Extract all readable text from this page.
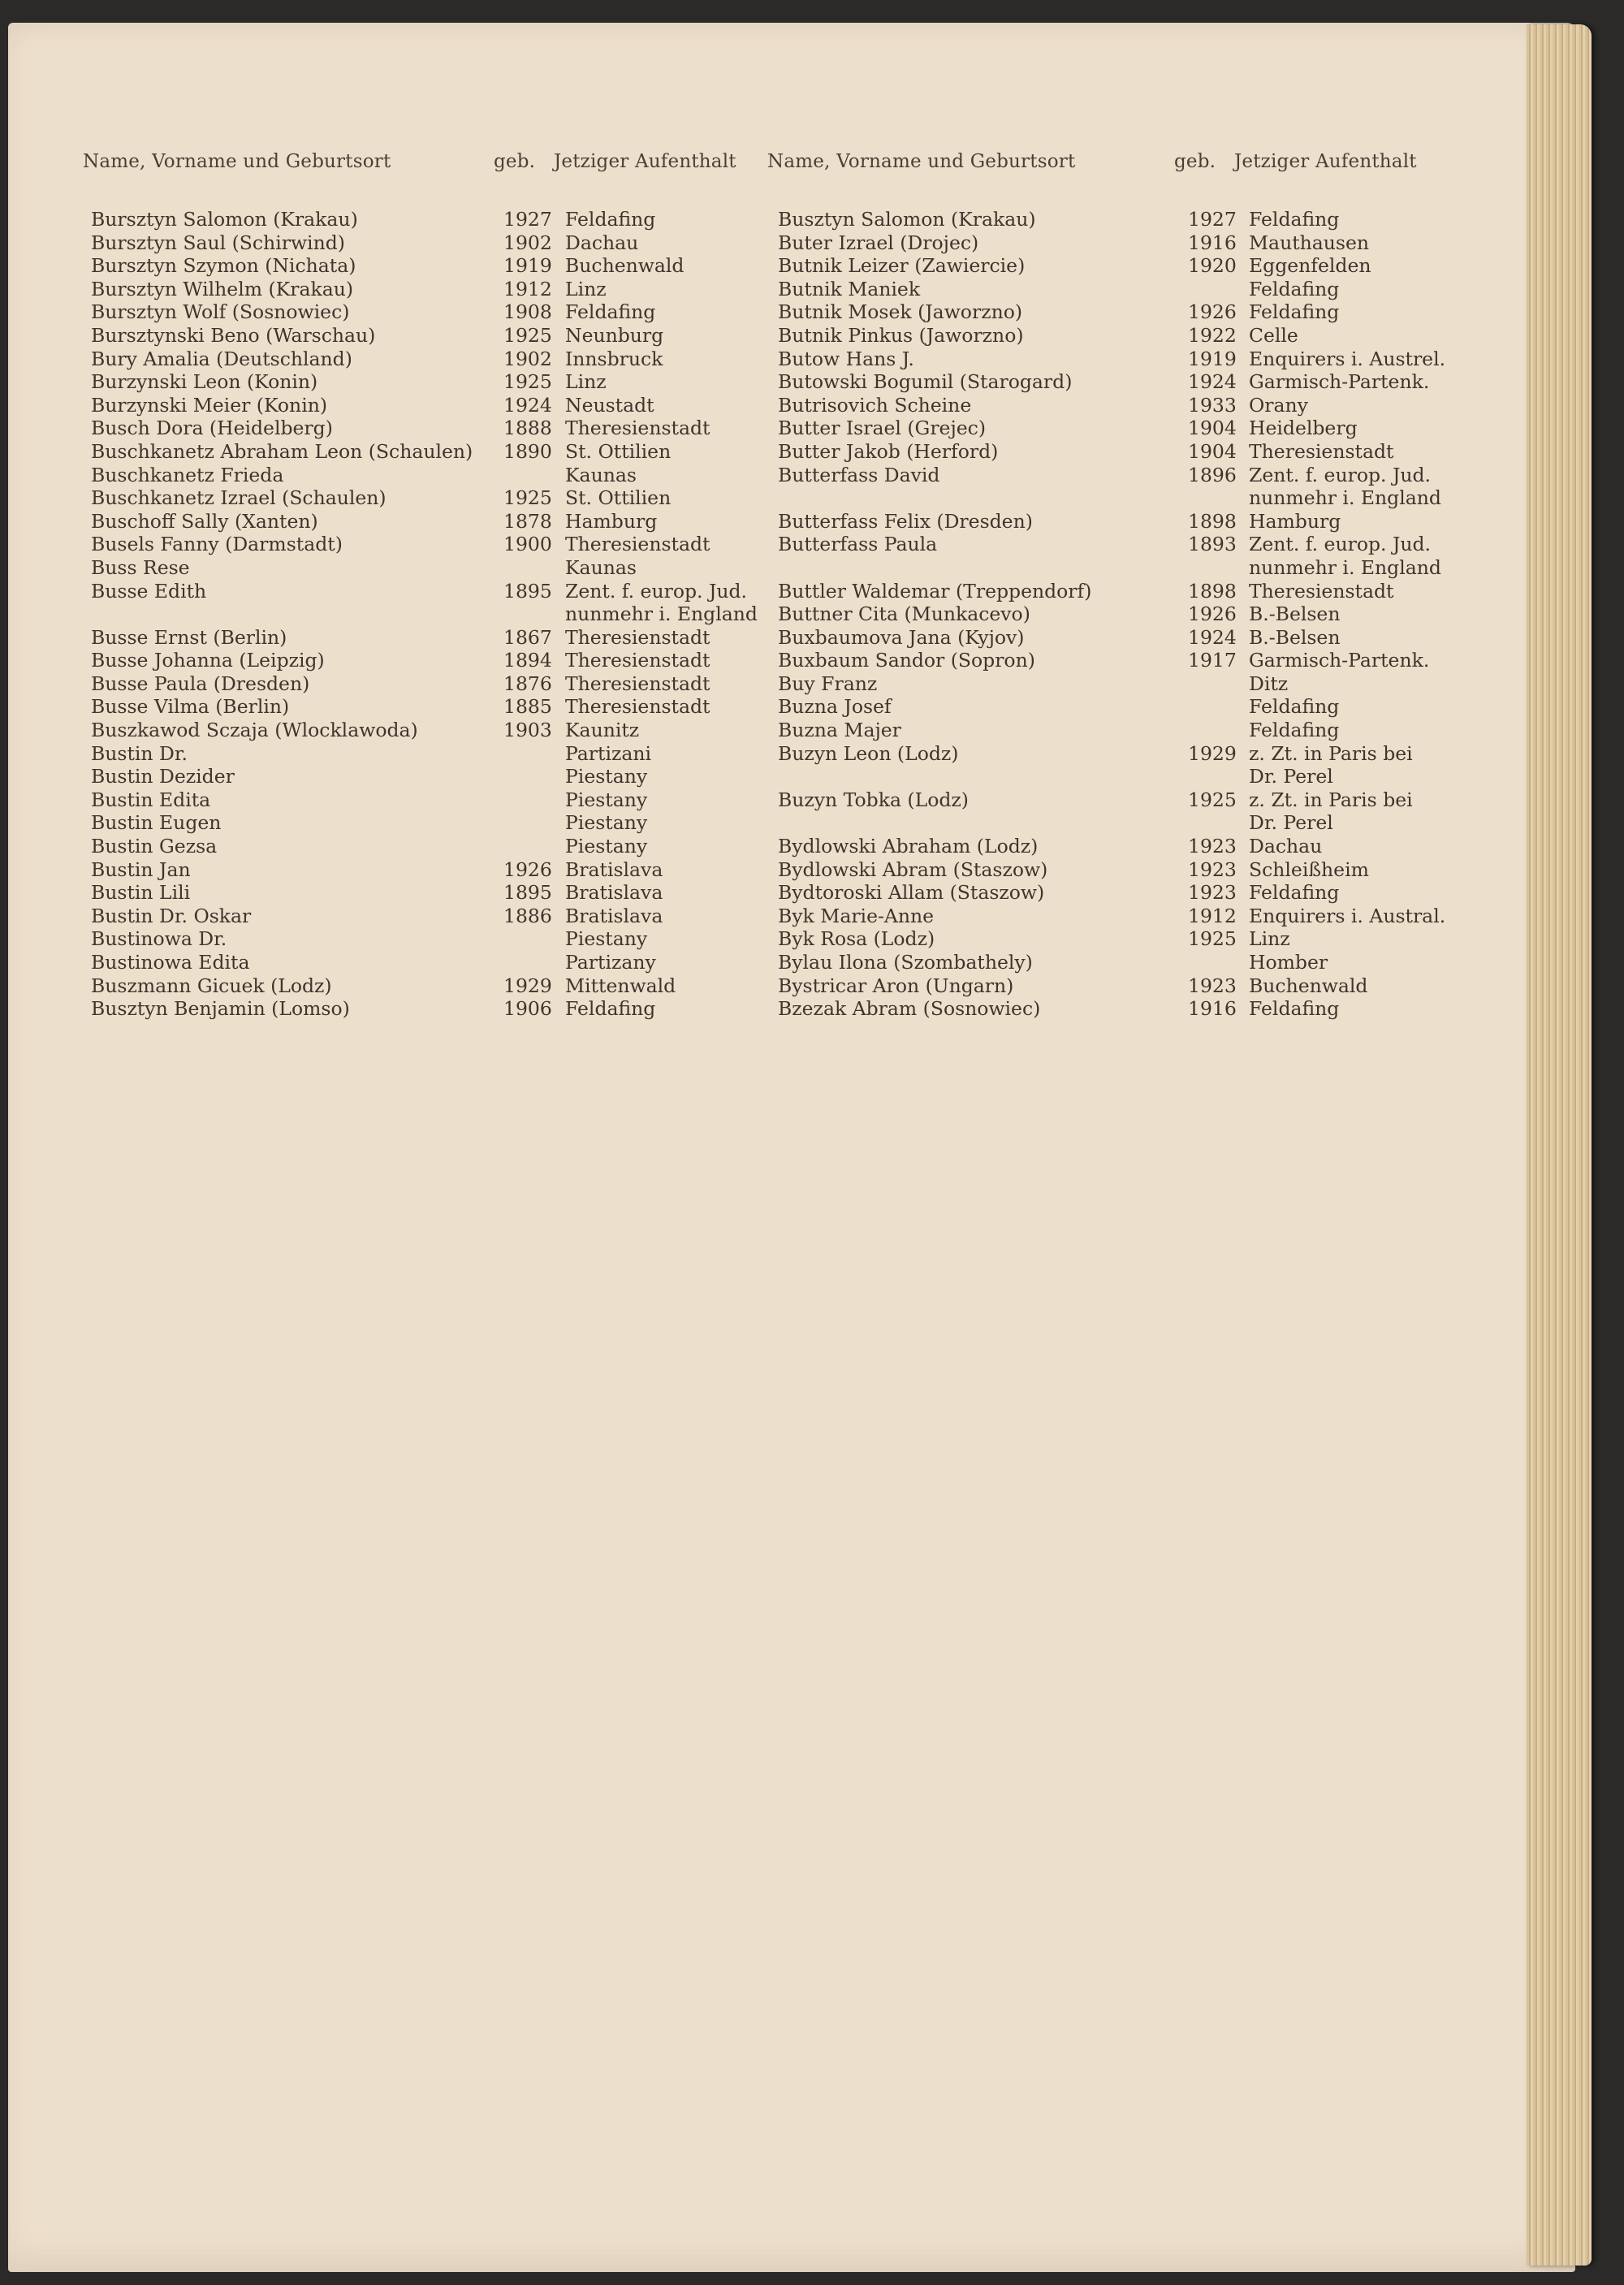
Name, Vorname und Geburtsort	geb. Jetziger Aufenthalt Name, Vorname und Geburtsort	geb. Jetziger Aufenthalt
Bursztyn Salomon (Krakau)	1927 Feldafing
Bursztyn Saul (Schirwind)	1902 Dachau
Bursztyn Szymon (Nichata)	1919 Buchenwald
Bursztyn Wilhelm (Krakau)	1912 Linz
Bursztyn Wolf (Sosnowiec)	1908 Feldafing
Bursztynski Beno (Warschau)	1925 Neunburg
Bury Amalia (Deutschland)	1902 Innsbruck
Burzynski Leon (Konin)	1925 Linz
Burzynski Meier (Konin)	1924 Neustadt
Busch Dora (Heidelberg)	1888 Theresienstadt
Buschkanetz Abraham Leon (Schaulen) 1890 St. Ottilien
Buschkanetz Frieda	Kaunas
Buschkanetz Izrael (Schaulen)	1925 St. Ottilien
Buschoff Sally (Xanten)	1878 Hamburg
Busels Fanny (Darmstadt)	1900 Theresienstadt
Buss Rese	Kaunas
Busse Edith	1895 Zent. f. europ. Jud.
nunmehr i. England
Busse Ernst (Berlin)	1867 Theresienstadt
Busse Johanna (Leipzig)	1894 Theresienstadt
Busse Paula (Dresden)	1876 Theresienstadt
Busse Vilma (Berlin)	1885 Theresienstadt
Buszkawod Sczaja (Wlocklawoda)	1903 Kaunitz
Bustin Dr.	Partizani
Bustin Dezider	Piestany
Bustin Edita	Piestany
Bustin Eugen	Piestany
Bustin Gezsa	Piestany
Bustin Jan	1926 Bratislava
Bustin Lili	1895 Bratislava
Bustin Dr. Oskar	1886 Bratislava
Bustinowa Dr.	Piestany
Bustinowa Edita	Partizany
Buszmann Gicuek (Lodz)	1929 Mittenwald
Busztyn Benjamin (Lomso)	1906 Feldafing
Busztyn Salomon (Krakau)	1927 Feldafing
Buter Izrael (Drojec)	1916 Mauthausen
Butnik Leizer (Zawiercie)	1920 Eggenfelden
Butnik Maniek	Feldafing
Butnik Mosek (Jaworzno)	1926 Feldafing
Butnik Pinkus (Jaworzno)	1922 Celle
Butow Hans J.	1919 Enquirers i. Austrel.
Butowski Bogumil (Starogard)	1924 Garmisch-Partenk.
Butrisovich Scheine	1933 Orany
Butter Israel (Grejec)	1904 Heidelberg
Butter Jakob (Herford)	1904 Theresienstadt
Butterfass David	1896 Zent. f. europ. Jud.
nunmehr i. England
Butterfass Felix (Dresden)	1898 Hamburg
Butterfass Paula	1893 Zent. f. europ. Jud.
nunmehr i. England
Buttler Waldemar (Treppendorf)	1898 Theresienstadt
Buttner Cita (Munkacevo)	1926 B.-Belsen
Buxbaumova Jana (Kyjov)	1924 B.-Belsen
Buxbaum Sandor (Sopron)	1917 Garmisch-Partenk.
Buy Franz	Ditz
Buzna Josef	Feldafing
Buzna Majer	Feldafing
Buzyn Leon (Lodz)	1929 z. Zt. in Paris bei
Dr. Perel
Buzyn Tobka (Lodz)	1925 z. Zt. in Paris bei
Dr. Perel
Bydlowski Abraham (Lodz)	1923 Dachau
Bydlowski Abram (Staszow)	1923 Schleißheim
Bydtoroski Allam (Staszow)	1923 Feldafing
Byk Marie-Anne	1912 Enquirers i. Austral.
Byk Rosa (Lodz)	1925 Linz
Bylau Ilona (Szombathely)	Homber
Bystricar Aron (Ungarn)	1923 Buchenwald
Bzezak Abram (Sosnowiec)	1916 Feldafing
